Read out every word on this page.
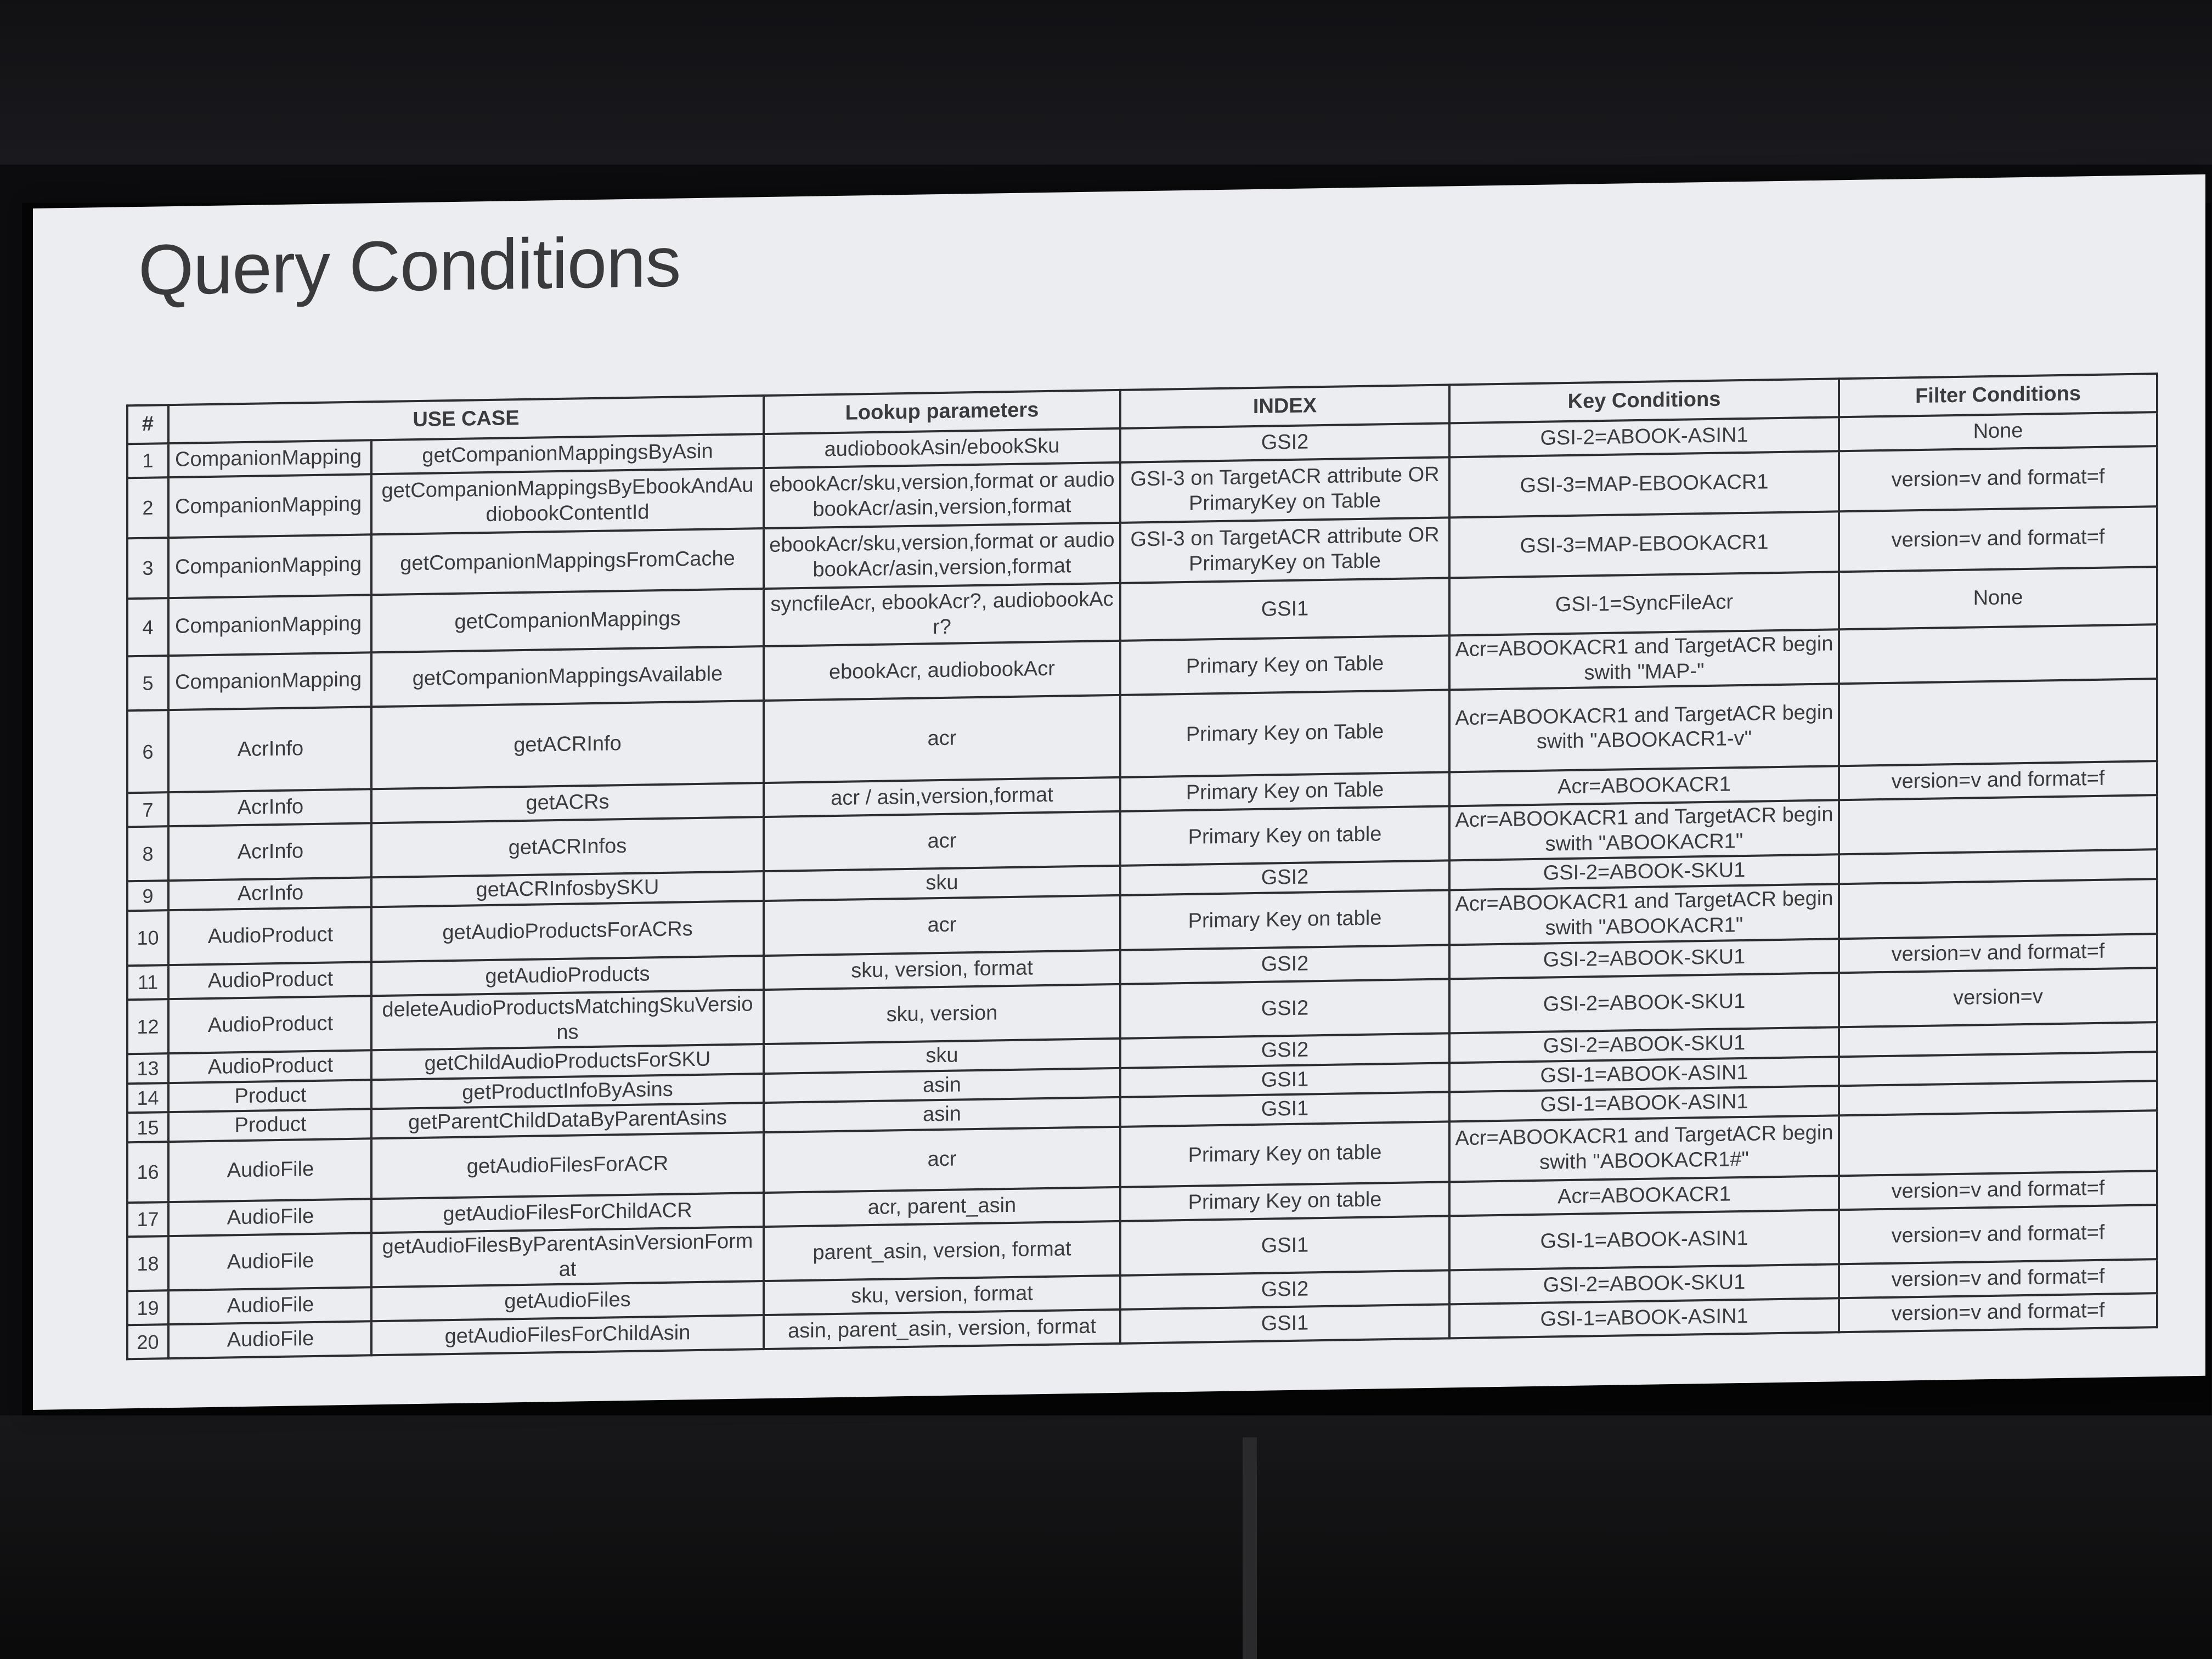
Query Conditions
#	USE CASE		Lookup parameters	INDEX	Key Conditions	Filter Conditions
1	CompanionMapping	getCompanionMappingsByAsin	audiobookAsin/ebookSku	GSI2	GSI-2=ABOOK-ASIN1	None
2	CompanionMapping	getCompanionMappingsByEbookAndAudiobookContentId	ebookAcr/sku,version,format or audiobookAcr/asin,version,format	GSI-3 on TargetACR attribute OR PrimaryKey on Table	GSI-3=MAP-EBOOKACR1	version=v and format=f
3	CompanionMapping	getCompanionMappingsFromCache	ebookAcr/sku,version,format or audiobookAcr/asin,version,format	GSI-3 on TargetACR attribute OR PrimaryKey on Table	GSI-3=MAP-EBOOKACR1	version=v and format=f
4	CompanionMapping	getCompanionMappings	syncfileAcr, ebookAcr?, audiobookAcr?	GSI1	GSI-1=SyncFileAcr	None
5	CompanionMapping	getCompanionMappingsAvailable	ebookAcr, audiobookAcr	Primary Key on Table	Acr=ABOOKACR1 and TargetACR beginswith "MAP-"	
6	AcrInfo	getACRInfo	acr	Primary Key on Table	Acr=ABOOKACR1 and TargetACR beginswith "ABOOKACR1-v"	
7	AcrInfo	getACRs	acr / asin,version,format	Primary Key on Table	Acr=ABOOKACR1	version=v and format=f
8	AcrInfo	getACRInfos	acr	Primary Key on table	Acr=ABOOKACR1 and TargetACR beginswith "ABOOKACR1"	
9	AcrInfo	getACRInfosbySKU	sku	GSI2	GSI-2=ABOOK-SKU1	
10	AudioProduct	getAudioProductsForACRs	acr	Primary Key on table	Acr=ABOOKACR1 and TargetACR beginswith "ABOOKACR1"	
11	AudioProduct	getAudioProducts	sku, version, format	GSI2	GSI-2=ABOOK-SKU1	version=v and format=f
12	AudioProduct	deleteAudioProductsMatchingSkuVersions	sku, version	GSI2	GSI-2=ABOOK-SKU1	version=v
13	AudioProduct	getChildAudioProductsForSKU	sku	GSI2	GSI-2=ABOOK-SKU1	
14	Product	getProductInfoByAsins	asin	GSI1	GSI-1=ABOOK-ASIN1	
15	Product	getParentChildDataByParentAsins	asin	GSI1	GSI-1=ABOOK-ASIN1	
16	AudioFile	getAudioFilesForACR	acr	Primary Key on table	Acr=ABOOKACR1 and TargetACR beginswith "ABOOKACR1#"	
17	AudioFile	getAudioFilesForChildACR	acr, parent_asin	Primary Key on table	Acr=ABOOKACR1	version=v and format=f
18	AudioFile	getAudioFilesByParentAsinVersionFormat	parent_asin, version, format	GSI1	GSI-1=ABOOK-ASIN1	version=v and format=f
19	AudioFile	getAudioFiles	sku, version, format	GSI2	GSI-2=ABOOK-SKU1	version=v and format=f
20	AudioFile	getAudioFilesForChildAsin	asin, parent_asin, version, format	GSI1	GSI-1=ABOOK-ASIN1	version=v and format=f
